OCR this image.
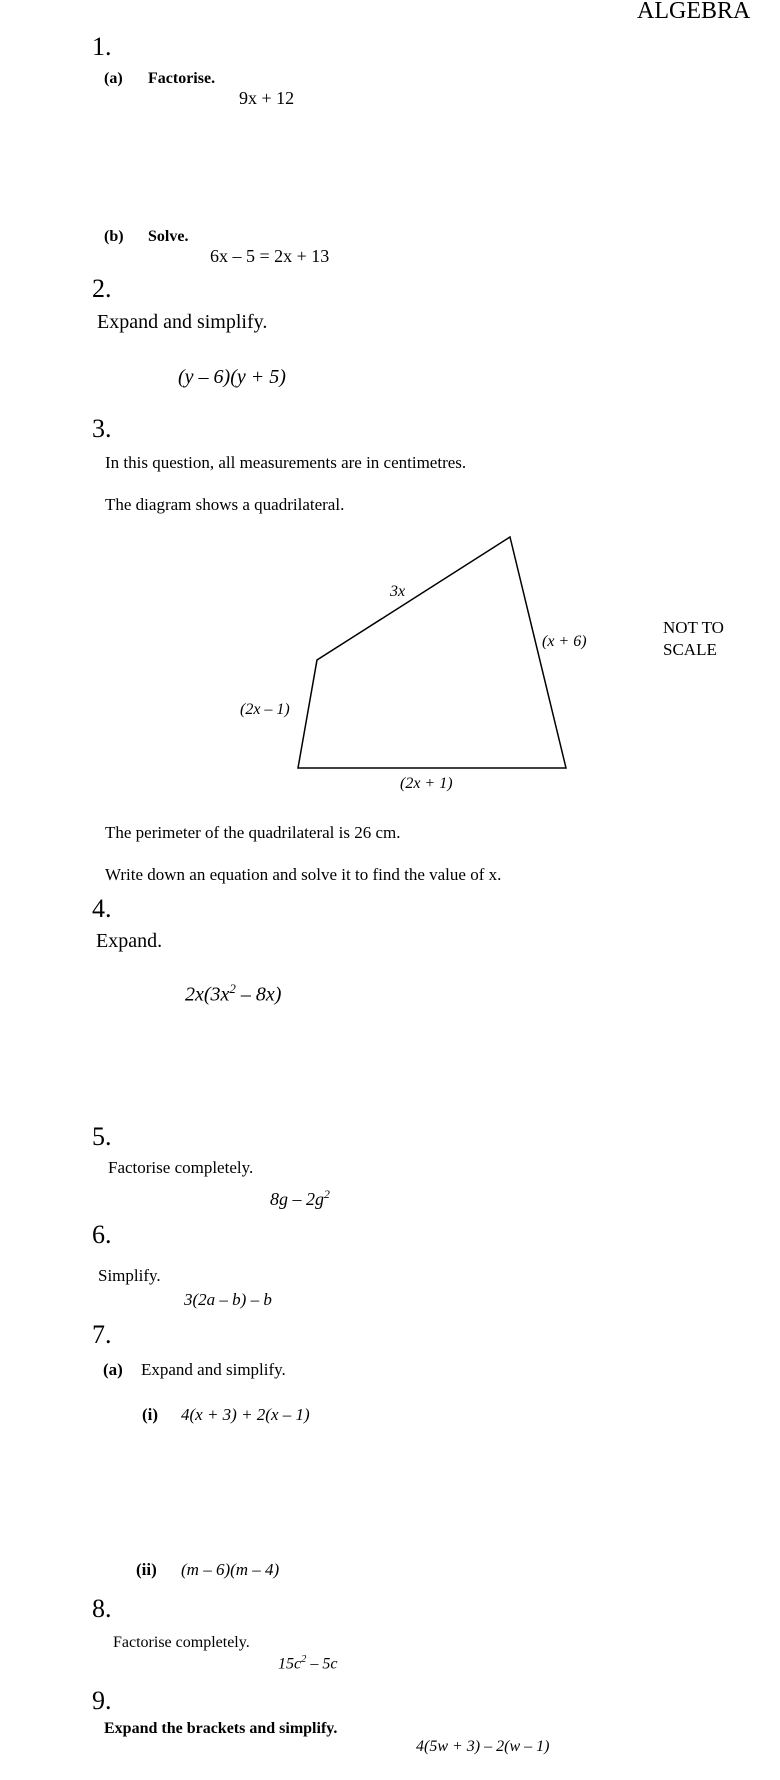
ALGEBRA
1.
(a) Factorise.
9x + 12
(b) Solve.
6x – 5 = 2x + 13
2.
Expand and simplify.
(y – 6)(y + 5)
3.
In this question, all measurements are in centimetres.
The diagram shows a quadrilateral.
3x
(x + 6)
(2x – 1)
(2x + 1)
NOT TO
SCALE
The perimeter of the quadrilateral is 26 cm.
Write down an equation and solve it to find the value of x.
4.
Expand.
$2x(3x^2 - 8x)$
5.
Factorise completely.
$8g - 2g^2$
6.
Simplify.
3(2a – b) – b
7.
(a) Expand and simplify.
(i) 4(x + 3) + 2(x – 1)
(ii) (m – 6)(m – 4)
8.
Factorise completely.
$15c^2 - 5c$
9.
Expand the brackets and simplify.
4(5w + 3) – 2(w – 1)
